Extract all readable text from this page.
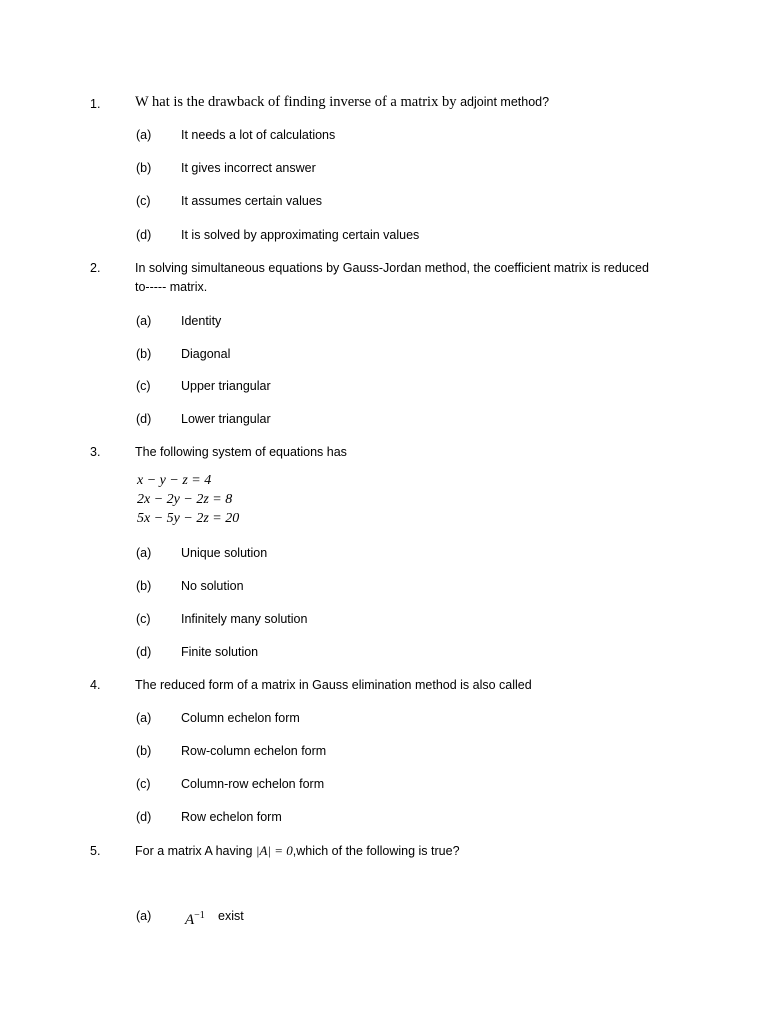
1. W hat is the drawback of finding inverse of a matrix by adjoint method?
(a) It needs a lot of calculations
(b) It gives incorrect answer
(c) It assumes certain values
(d) It is solved by approximating certain values
2.	In solving simultaneous equations by Gauss-Jordan method, the coefficient matrix is reduced
to----- matrix.
(a) Identity
(b) Diagonal
(c) Upper triangular
(d) Lower triangular
3.	The following system of equations has
x − y − z = 4
2x − 2y − 2z = 8
5x − 5y − 2z = 20
(a) Unique solution
(b) No solution
(c) Infinitely many solution
(d) Finite solution
4.	The reduced form of a matrix in Gauss elimination method is also called
(a) Column echelon form
(b) Row-column echelon form
(c) Column-row echelon form
(d) Row echelon form
5.	For a matrix A having |A| = 0,which of the following is true?
(a) $A^{-1}$ exist
